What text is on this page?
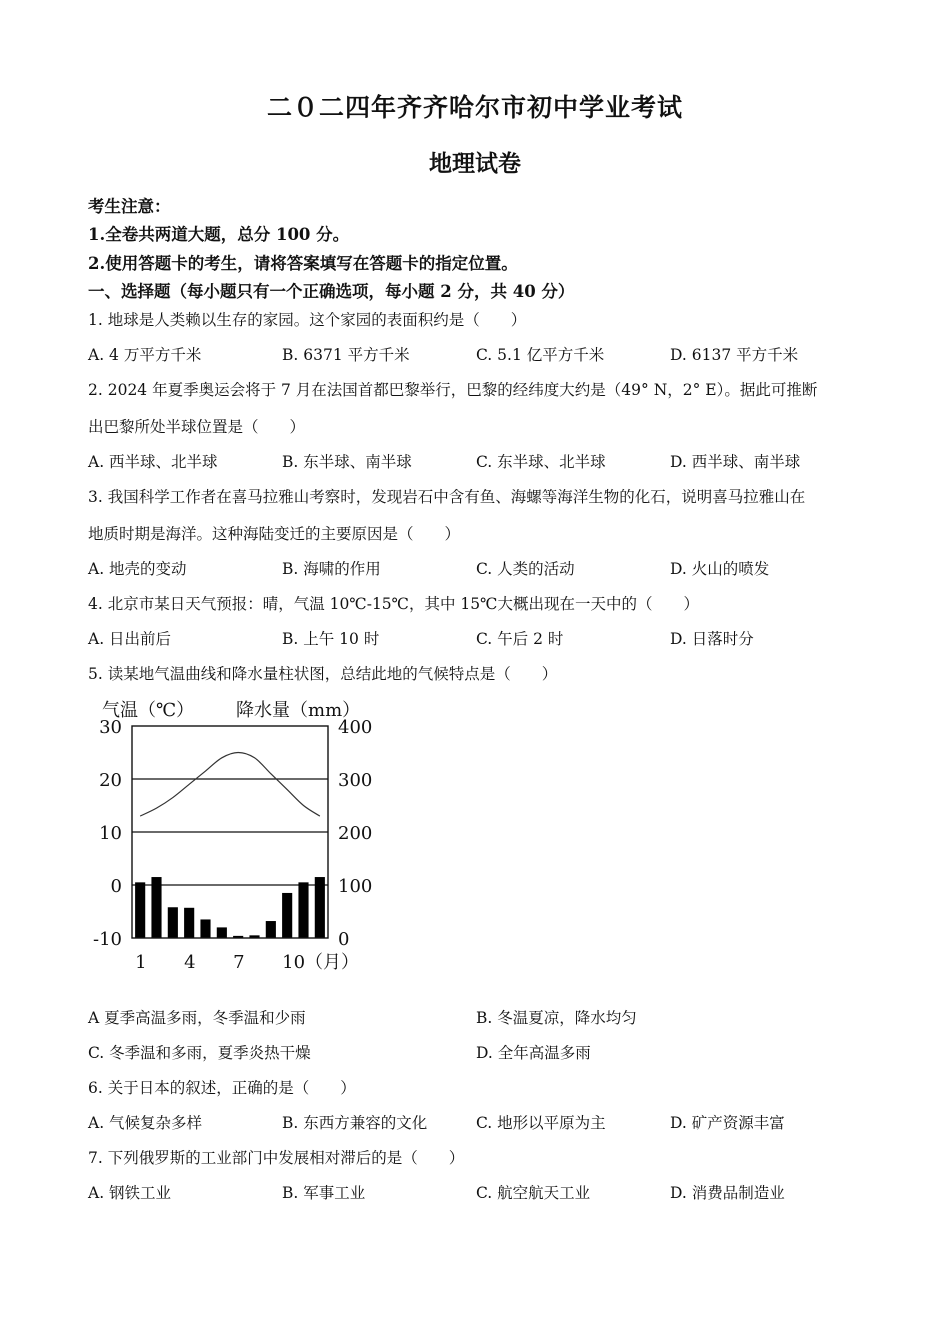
二０二四年齐齐哈尔市初中学业考试
地理试卷
考生注意：
1.全卷共两道大题，总分 100 分。
2.使用答题卡的考生，请将答案填写在答题卡的指定位置。
一、选择题（每小题只有一个正确选项，每小题 2 分，共 40 分）
1. 地球是人类赖以生存的家园。这个家园的表面积约是（　　）
A. 4 万平方千米	B. 6371 平方千米	C. 5.1 亿平方千米	D. 6137 平方千米
2. 2024 年夏季奥运会将于 7 月在法国首都巴黎举行，巴黎的经纬度大约是（49° N，2° E）。据此可推断
出巴黎所处半球位置是（　　）
A. 西半球、北半球	B. 东半球、南半球	C. 东半球、北半球	D. 西半球、南半球
3. 我国科学工作者在喜马拉雅山考察时，发现岩石中含有鱼、海螺等海洋生物的化石，说明喜马拉雅山在
地质时期是海洋。这种海陆变迁的主要原因是（　　）
A. 地壳的变动	B. 海啸的作用	C. 人类的活动	D. 火山的喷发
4. 北京市某日天气预报：晴，气温 10℃-15℃，其中 15℃大概出现在一天中的（　　）
A. 日出前后	B. 上午 10 时	C. 午后 2 时	D. 日落时分
5. 读某地气温曲线和降水量柱状图，总结此地的气候特点是（　　）
气温（℃） 降水量（mm）
30
20
10
0
-10
400
300
200
100
0
1 4 7 10（月）
A 夏季高温多雨，冬季温和少雨	B. 冬温夏凉，降水均匀
C. 冬季温和多雨，夏季炎热干燥	D. 全年高温多雨
6. 关于日本的叙述，正确的是（　　）
A. 气候复杂多样	B. 东西方兼容的文化	C. 地形以平原为主	D. 矿产资源丰富
7. 下列俄罗斯的工业部门中发展相对滞后的是（　　）
A. 钢铁工业	B. 军事工业	C. 航空航天工业	D. 消费品制造业
